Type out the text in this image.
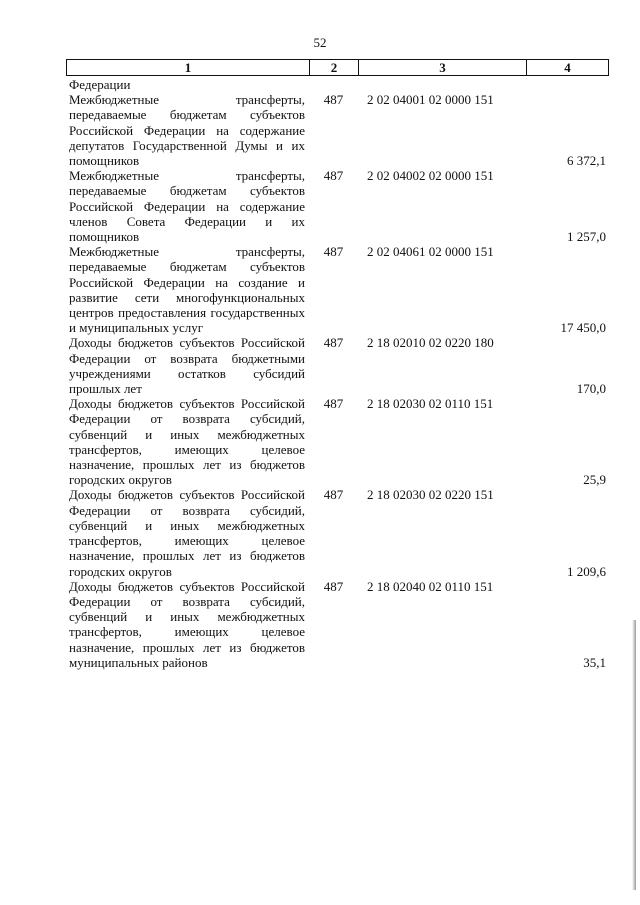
52
1	2	3	4
Федерации			
Межбюджетные трансферты, передаваемые бюджетам субъектов Российской Федерации на содержание депутатов Государственной Думы и их помощников	487	2 02 04001 02 0000 151	6 372,1
Межбюджетные трансферты, передаваемые бюджетам субъектов Российской Федерации на содержание членов Совета Федерации и их помощников	487	2 02 04002 02 0000 151	1 257,0
Межбюджетные трансферты, передаваемые бюджетам субъектов Российской Федерации на создание и развитие сети многофункциональных центров предоставления государственных и муниципальных услуг	487	2 02 04061 02 0000 151	17 450,0
Доходы бюджетов субъектов Российской Федерации от возврата бюджетными учреждениями остатков субсидий прошлых лет	487	2 18 02010 02 0220 180	170,0
Доходы бюджетов субъектов Российской Федерации от возврата субсидий, субвенций и иных межбюджетных трансфертов, имеющих целевое назначение, прошлых лет из бюджетов городских округов	487	2 18 02030 02 0110 151	25,9
Доходы бюджетов субъектов Российской Федерации от возврата субсидий, субвенций и иных межбюджетных трансфертов, имеющих целевое назначение, прошлых лет из бюджетов городских округов	487	2 18 02030 02 0220 151	1 209,6
Доходы бюджетов субъектов Российской Федерации от возврата субсидий, субвенций и иных межбюджетных трансфертов, имеющих целевое назначение, прошлых лет из бюджетов муниципальных районов	487	2 18 02040 02 0110 151	35,1
